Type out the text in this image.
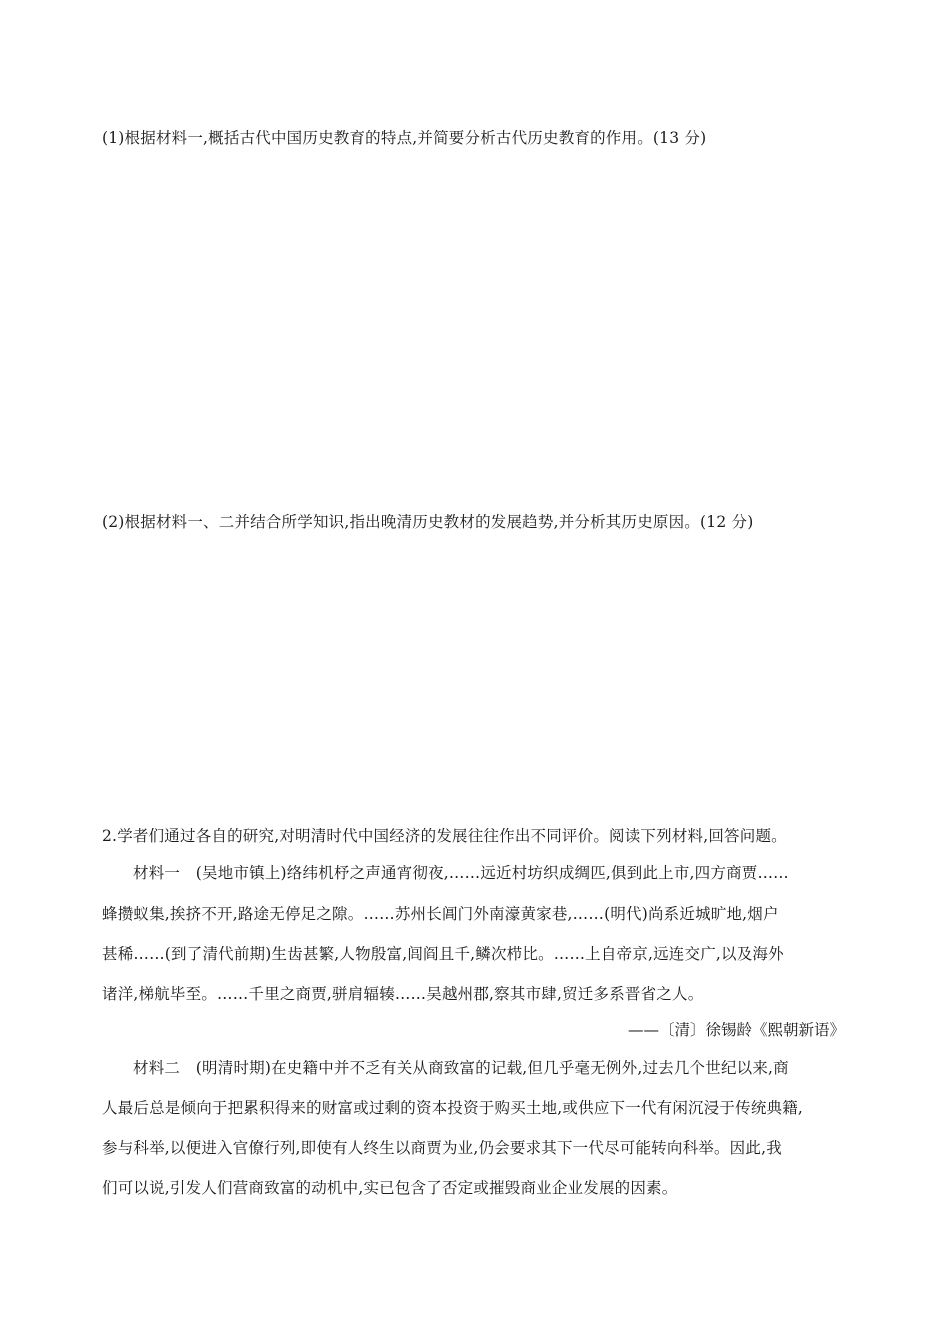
(1)根据材料一,概括古代中国历史教育的特点,并简要分析古代历史教育的作用。(13 分)
(2)根据材料一、二并结合所学知识,指出晚清历史教材的发展趋势,并分析其历史原因。(12 分)
2.学者们通过各自的研究,对明清时代中国经济的发展往往作出不同评价。阅读下列材料,回答问题。
材料一　(吴地市镇上)络纬机杼之声通宵彻夜,……远近村坊织成绸匹,俱到此上市,四方商贾……
蜂攒蚁集,挨挤不开,路途无停足之隙。……苏州长阊门外南濠黄家巷,……(明代)尚系近城旷地,烟户
甚稀……(到了清代前期)生齿甚繁,人物殷富,闾阎且千,鳞次栉比。……上自帝京,远连交广,以及海外
诸洋,梯航毕至。……千里之商贾,骈肩辐辏……吴越州郡,察其市肆,贸迁多系晋省之人。
——〔清〕徐锡龄《熙朝新语》
材料二　(明清时期)在史籍中并不乏有关从商致富的记载,但几乎毫无例外,过去几个世纪以来,商
人最后总是倾向于把累积得来的财富或过剩的资本投资于购买土地,或供应下一代有闲沉浸于传统典籍,
参与科举,以便进入官僚行列,即使有人终生以商贾为业,仍会要求其下一代尽可能转向科举。因此,我
们可以说,引发人们营商致富的动机中,实已包含了否定或摧毁商业企业发展的因素。
